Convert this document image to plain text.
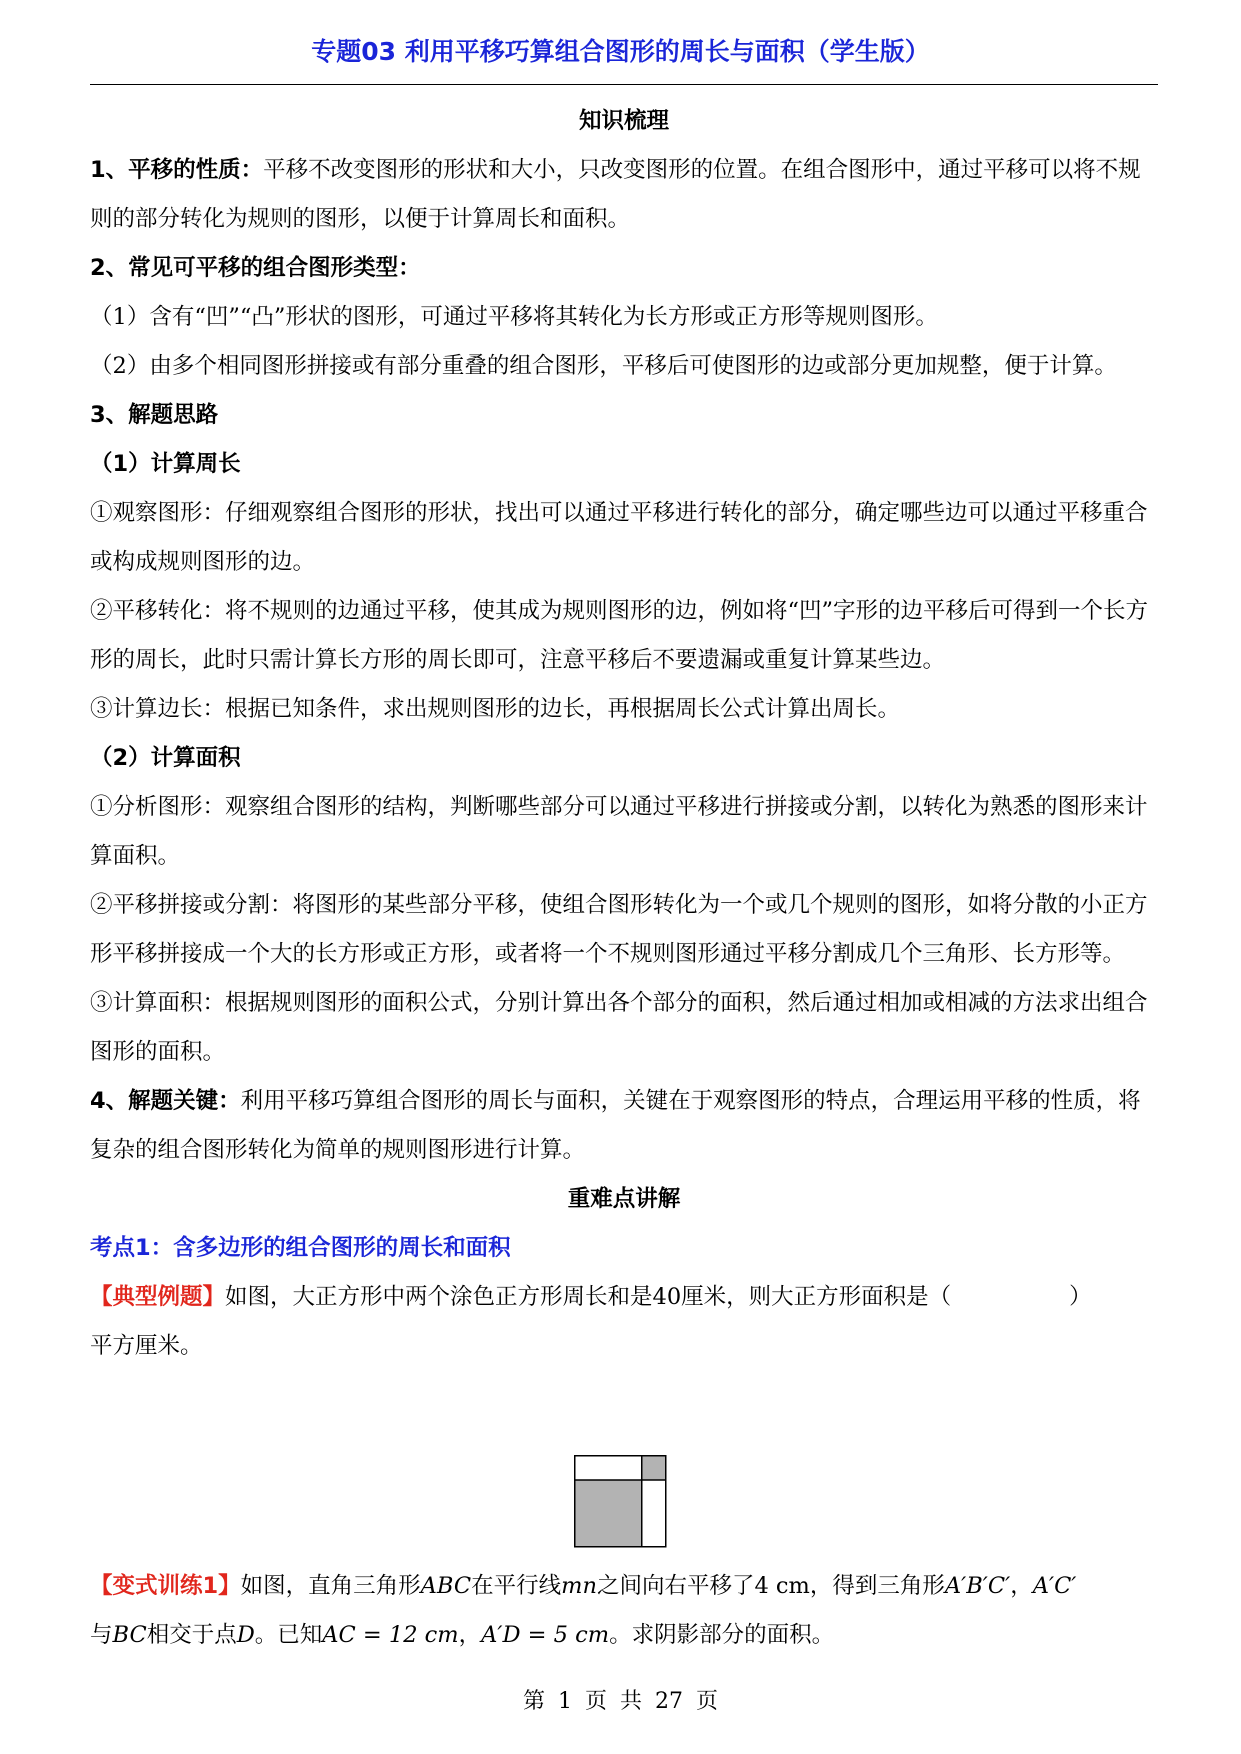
专题03 利用平移巧算组合图形的周长与面积（学生版）

知识梳理

1、平移的性质：平移不改变图形的形状和大小，只改变图形的位置。在组合图形中，通过平移可以将不规则的部分转化为规则的图形，以便于计算周长和面积。

2、常见可平移的组合图形类型：

（1）含有“凹”“凸”形状的图形，可通过平移将其转化为长方形或正方形等规则图形。

（2）由多个相同图形拼接或有部分重叠的组合图形，平移后可使图形的边或部分更加规整，便于计算。

3、解题思路

（1）计算周长

①观察图形：仔细观察组合图形的形状，找出可以通过平移进行转化的部分，确定哪些边可以通过平移重合或构成规则图形的边。

②平移转化：将不规则的边通过平移，使其成为规则图形的边，例如将“凹”字形的边平移后可得到一个长方形的周长，此时只需计算长方形的周长即可，注意平移后不要遗漏或重复计算某些边。

③计算边长：根据已知条件，求出规则图形的边长，再根据周长公式计算出周长。

（2）计算面积

①分析图形：观察组合图形的结构，判断哪些部分可以通过平移进行拼接或分割，以转化为熟悉的图形来计算面积。

②平移拼接或分割：将图形的某些部分平移，使组合图形转化为一个或几个规则的图形，如将分散的小正方形平移拼接成一个大的长方形或正方形，或者将一个不规则图形通过平移分割成几个三角形、长方形等。

③计算面积：根据规则图形的面积公式，分别计算出各个部分的面积，然后通过相加或相减的方法求出组合图形的面积。

4、解题关键：利用平移巧算组合图形的周长与面积，关键在于观察图形的特点，合理运用平移的性质，将复杂的组合图形转化为简单的规则图形进行计算。

重难点讲解

考点1：含多边形的组合图形的周长和面积

【典型例题】如图，大正方形中两个涂色正方形周长和是40厘米，则大正方形面积是（	）

平方厘米。

【变式训练1】如图，直角三角形ABC在平行线mn之间向右平移了4 cm，得到三角形A′B′C′，A′C′

与BC相交于点D。已知AC = 12 cm，A′D = 5 cm。求阴影部分的面积。

第 1 页 共 27 页
